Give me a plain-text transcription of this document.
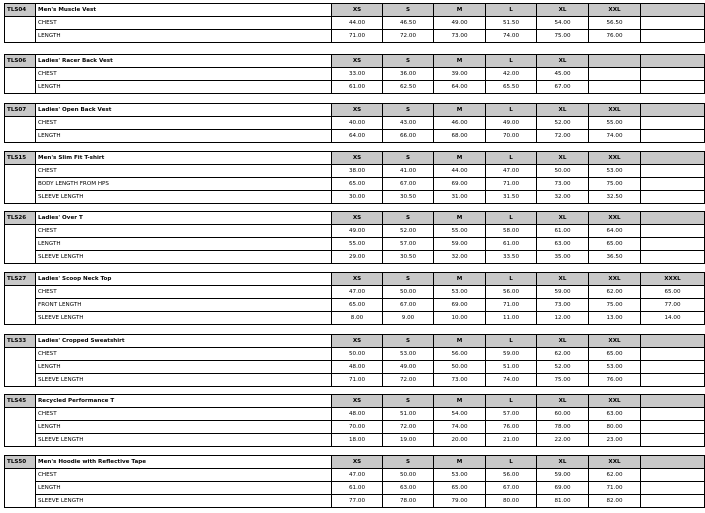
TLS04	Men's Muscle Vest	XS	S	M	L	XL	XXL		
	CHEST	44.00	46.50	49.00	51.50	54.00	56.50		
	LENGTH	71.00	72.00	73.00	74.00	75.00	76.00		
TLS06	Ladies' Racer Back Vest	XS	S	M	L	XL			
	CHEST	33.00	36.00	39.00	42.00	45.00			
	LENGTH	61.00	62.50	64.00	65.50	67.00			
TLS07	Ladies' Open Back Vest	XS	S	M	L	XL	XXL		
	CHEST	40.00	43.00	46.00	49.00	52.00	55.00		
	LENGTH	64.00	66.00	68.00	70.00	72.00	74.00		
TLS15	Men's Slim Fit T-shirt	XS	S	M	L	XL	XXL		
	CHEST	38.00	41.00	44.00	47.00	50.00	53.00		
	BODY LENGTH FROM HPS	65.00	67.00	69.00	71.00	73.00	75.00		
	SLEEVE LENGTH	30.00	30.50	31.00	31.50	32.00	32.50		
TLS26	Ladies' Over T	XS	S	M	L	XL	XXL		
	CHEST	49.00	52.00	55.00	58.00	61.00	64.00		
	LENGTH	55.00	57.00	59.00	61.00	63.00	65.00		
	SLEEVE LENGTH	29.00	30.50	32.00	33.50	35.00	36.50		
TLS27	Ladies' Scoop Neck Top	XS	S	M	L	XL	XXL	XXXL	
	CHEST	47.00	50.00	53.00	56.00	59.00	62.00	65.00	
	FRONT LENGTH	65.00	67.00	69.00	71.00	73.00	75.00	77.00	
	SLEEVE LENGTH	8.00	9.00	10.00	11.00	12.00	13.00	14.00	
TLS33	Ladies' Cropped Sweatshirt	XS	S	M	L	XL	XXL		
	CHEST	50.00	53.00	56.00	59.00	62.00	65.00		
	LENGTH	48.00	49.00	50.00	51.00	52.00	53.00		
	SLEEVE LENGTH	71.00	72.00	73.00	74.00	75.00	76.00		
TLS45	Recycled Performance T	XS	S	M	L	XL	XXL		
	CHEST	48.00	51.00	54.00	57.00	60.00	63.00		
	LENGTH	70.00	72.00	74.00	76.00	78.00	80.00		
	SLEEVE LENGTH	18.00	19.00	20.00	21.00	22.00	23.00		
TLS50	Men's Hoodie with Reflective Tape	XS	S	M	L	XL	XXL		
	CHEST	47.00	50.00	53.00	56.00	59.00	62.00		
	LENGTH	61.00	63.00	65.00	67.00	69.00	71.00		
	SLEEVE LENGTH	77.00	78.00	79.00	80.00	81.00	82.00		
